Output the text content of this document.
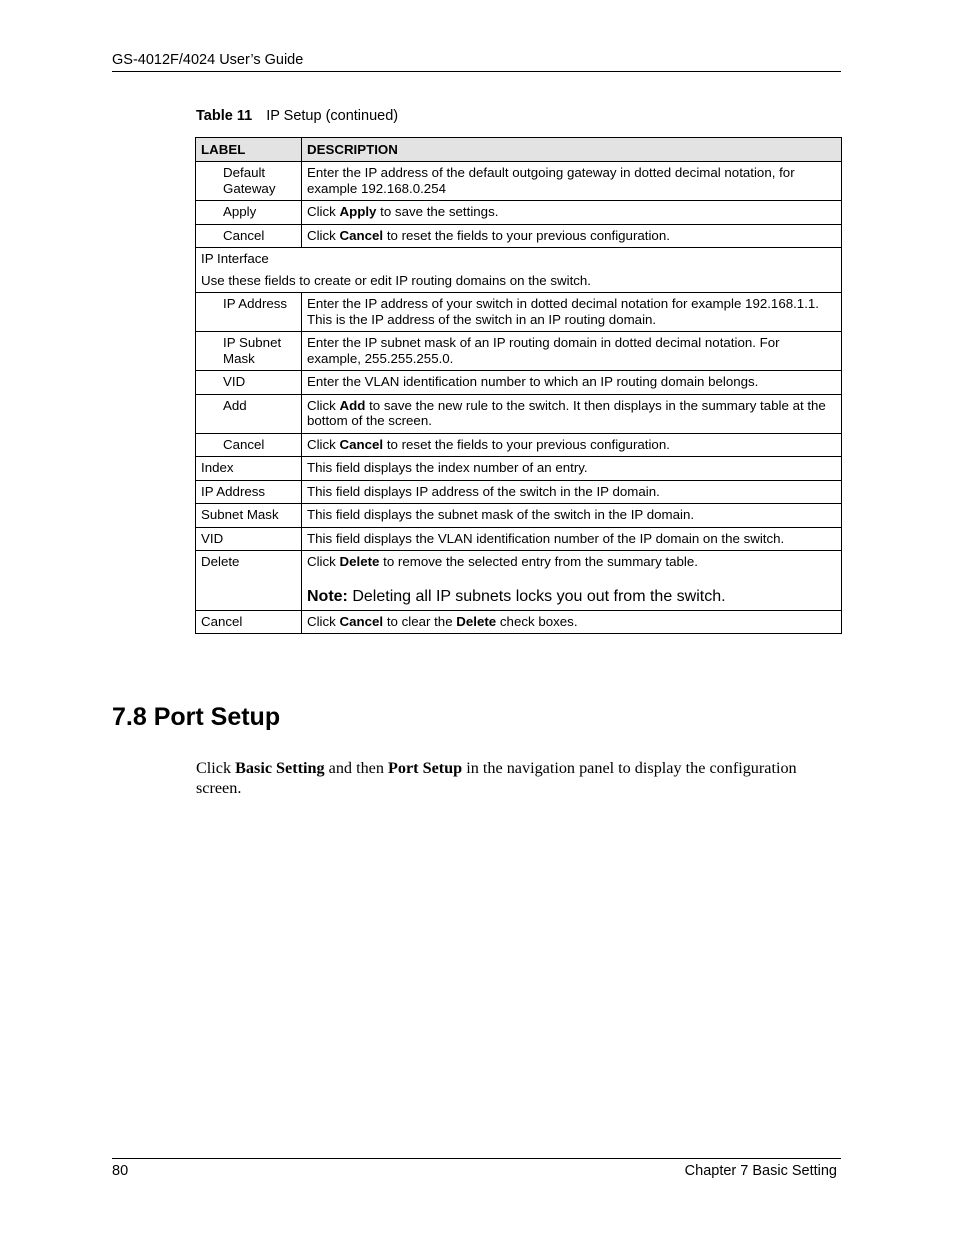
GS-4012F/4024 User’s Guide
Table 11 IP Setup (continued)
LABEL	DESCRIPTION
Default Gateway	Enter the IP address of the default outgoing gateway in dotted decimal notation, for example 192.168.0.254
Apply	Click Apply to save the settings.
Cancel	Click Cancel to reset the fields to your previous configuration.

IP Interface
Use these fields to create or edit IP routing domains on the switch.	

IP Address	Enter the IP address of your switch in dotted decimal notation for example 192.168.1.1. This is the IP address of the switch in an IP routing domain.
IP Subnet Mask	Enter the IP subnet mask of an IP routing domain in dotted decimal notation. For example, 255.255.255.0.
VID	Enter the VLAN identification number to which an IP routing domain belongs.
Add	Click Add to save the new rule to the switch. It then displays in the summary table at the bottom of the screen.
Cancel	Click Cancel to reset the fields to your previous configuration.
Index	This field displays the index number of an entry.
IP Address	This field displays IP address of the switch in the IP domain.
Subnet Mask	This field displays the subnet mask of the switch in the IP domain.
VID	This field displays the VLAN identification number of the IP domain on the switch.
Delete	Click Delete to remove the selected entry from the summary table.
Note: Deleting all IP subnets locks you out from the switch.

Cancel	Click Cancel to clear the Delete check boxes.
7.8 Port Setup

Click Basic Setting and then Port Setup in the navigation panel to display the configuration screen.

80	Chapter 7 Basic Setting
